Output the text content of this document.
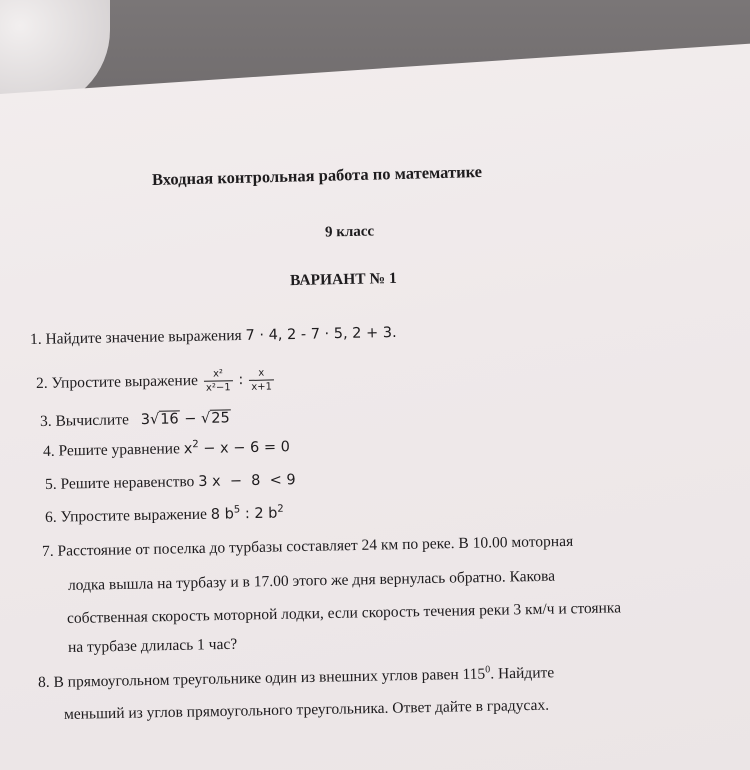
Входная контрольная работа по математике
9 класс
ВАРИАНТ № 1
1. Найдите значение выражения 7 · 4, 2 - 7 · 5, 2 + 3.
2. Упростите выражение $\frac{\text{x²}}{\text{x²−1}}$ : $\frac{x}{x+1}$
3. Вычислите 3√16 − √25
4. Решите уравнение $x^2 - x - 6 = 0$
5. Решите неравенство 3 x  −  8  < 9
6. Упростите выражение 8 $b^5$ : 2 $b^2$
7. Расстояние от поселка до турбазы составляет 24 км по реке. В 10.00 моторная
лодка вышла на турбазу и в 17.00 этого же дня вернулась обратно. Какова
собственная скорость моторной лодки, если скорость течения реки 3 км/ч и стоянка
на турбазе длилась 1 час?
8. В прямоугольном треугольнике один из внешних углов равен $115^0$. Найдите
меньший из углов прямоугольного треугольника. Ответ дайте в градусах.
